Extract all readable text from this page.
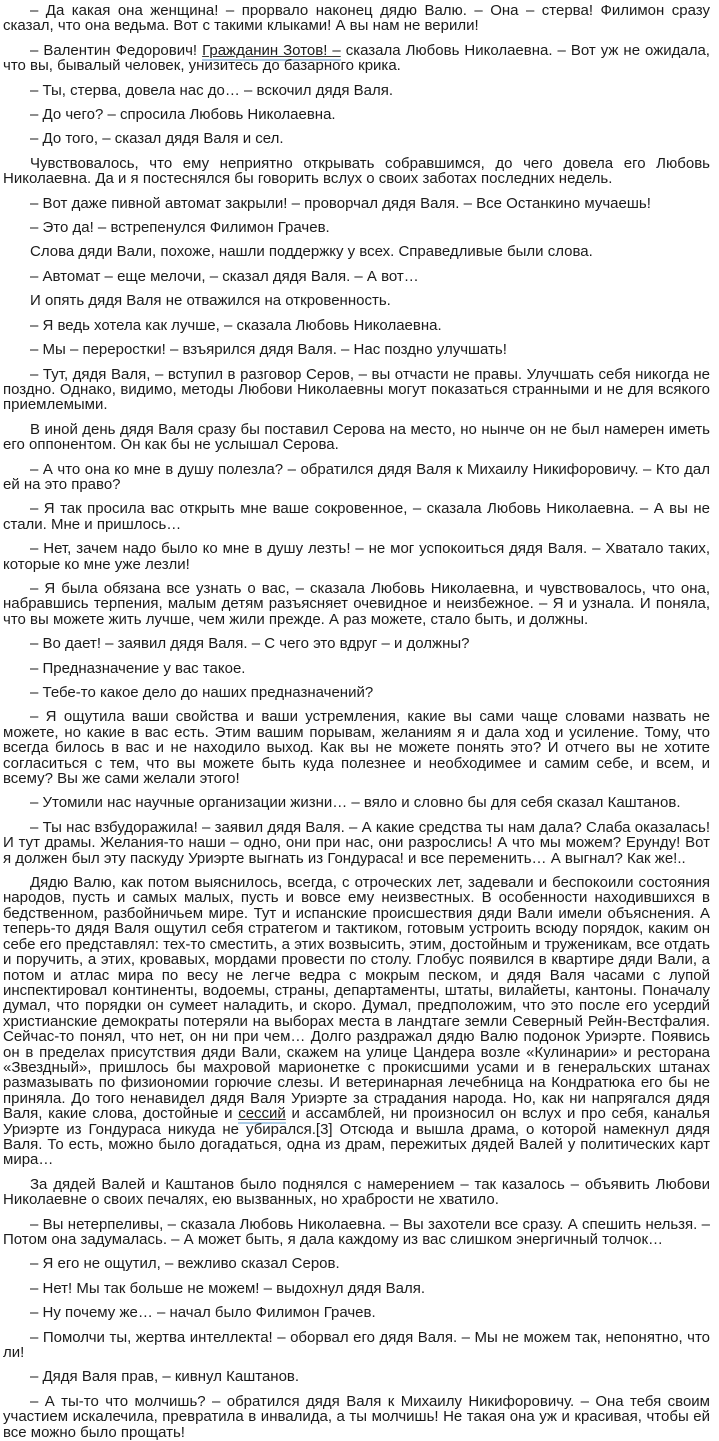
– Да какая она женщина! – прорвало наконец дядю Валю. – Она – стерва! Филимон сразу сказал, что она ведьма. Вот с такими клыками! А вы нам не верили!

– Валентин Федорович! Гражданин Зотов! – сказала Любовь Николаевна. – Вот уж не ожидала, что вы, бывалый человек, унизитесь до базарного крика.

– Ты, стерва, довела нас до… – вскочил дядя Валя.

– До чего? – спросила Любовь Николаевна.

– До того, – сказал дядя Валя и сел.

Чувствовалось, что ему неприятно открывать собравшимся, до чего довела его Любовь Николаевна. Да и я постеснялся бы говорить вслух о своих заботах последних недель.

– Вот даже пивной автомат закрыли! – проворчал дядя Валя. – Все Останкино мучаешь!

– Это да! – встрепенулся Филимон Грачев.

Слова дяди Вали, похоже, нашли поддержку у всех. Справедливые были слова.

– Автомат – еще мелочи, – сказал дядя Валя. – А вот…

И опять дядя Валя не отважился на откровенность.

– Я ведь хотела как лучше, – сказала Любовь Николаевна.

– Мы – переростки! – взъярился дядя Валя. – Нас поздно улучшать!

– Тут, дядя Валя, – вступил в разговор Серов, – вы отчасти не правы. Улучшать себя никогда не поздно. Однако, видимо, методы Любови Николаевны могут показаться странными и не для всякого приемлемыми.

В иной день дядя Валя сразу бы поставил Серова на место, но нынче он не был намерен иметь его оппонентом. Он как бы не услышал Серова.

– А что она ко мне в душу полезла? – обратился дядя Валя к Михаилу Никифоровичу. – Кто дал ей на это право?

– Я так просила вас открыть мне ваше сокровенное, – сказала Любовь Николаевна. – А вы не стали. Мне и пришлось…

– Нет, зачем надо было ко мне в душу лезть! – не мог успокоиться дядя Валя. – Хватало таких, которые ко мне уже лезли!

– Я была обязана все узнать о вас, – сказала Любовь Николаевна, и чувствовалось, что она, набравшись терпения, малым детям разъясняет очевидное и неизбежное. – Я и узнала. И поняла, что вы можете жить лучше, чем жили прежде. А раз можете, стало быть, и должны.

– Во дает! – заявил дядя Валя. – С чего это вдруг – и должны?

– Предназначение у вас такое.

– Тебе-то какое дело до наших предназначений?

– Я ощутила ваши свойства и ваши устремления, какие вы сами чаще словами назвать не можете, но какие в вас есть. Этим вашим порывам, желаниям я и дала ход и усиление. Тому, что всегда билось в вас и не находило выход. Как вы не можете понять это? И отчего вы не хотите согласиться с тем, что вы можете быть куда полезнее и необходимее и самим себе, и всем, и всему? Вы же сами желали этого!

– Утомили нас научные организации жизни… – вяло и словно бы для себя сказал Каштанов.

– Ты нас взбудоражила! – заявил дядя Валя. – А какие средства ты нам дала? Слаба оказалась! И тут драмы. Желания-то наши – одно, они при нас, они разрослись! А что мы можем? Ерунду! Вот я должен был эту паскуду Уриэрте выгнать из Гондураса! и все переменить… А выгнал? Как же!..

Дядю Валю, как потом выяснилось, всегда, с отроческих лет, задевали и беспокоили состояния народов, пусть и самых малых, пусть и вовсе ему неизвестных. В особенности находившихся в бедственном, разбойничьем мире. Тут и испанские происшествия дяди Вали имели объяснения. А теперь-то дядя Валя ощутил себя стратегом и тактиком, готовым устроить всюду порядок, каким он себе его представлял: тех-то сместить, а этих возвысить, этим, достойным и труженикам, все отдать и поручить, а этих, кровавых, мордами провести по столу. Глобус появился в квартире дяди Вали, а потом и атлас мира по весу не легче ведра с мокрым песком, и дядя Валя часами с лупой инспектировал континенты, водоемы, страны, департаменты, штаты, вилайеты, кантоны. Поначалу думал, что порядки он сумеет наладить, и скоро. Думал, предположим, что это после его усердий христианские демократы потеряли на выборах места в ландтаге земли Северный Рейн-Вестфалия. Сейчас-то понял, что нет, он ни при чем… Долго раздражал дядю Валю подонок Уриэрте. Появись он в пределах присутствия дяди Вали, скажем на улице Цандера возле «Кулинарии» и ресторана «Звездный», пришлось бы махровой марионетке с прокисшими усами и в генеральских штанах размазывать по физиономии горючие слезы. И ветеринарная лечебница на Кондратюка его бы не приняла. До того ненавидел дядя Валя Уриэрте за страдания народа. Но, как ни напрягался дядя Валя, какие слова, достойные и сессий и ассамблей, ни произносил он вслух и про себя, каналья Уриэрте из Гондураса никуда не убирался.[3] Отсюда и вышла драма, о которой намекнул дядя Валя. То есть, можно было догадаться, одна из драм, пережитых дядей Валей у политических карт мира…

За дядей Валей и Каштанов было поднялся с намерением – так казалось – объявить Любови Николаевне о своих печалях, ею вызванных, но храбрости не хватило.

– Вы нетерпеливы, – сказала Любовь Николаевна. – Вы захотели все сразу. А спешить нельзя. – Потом она задумалась. – А может быть, я дала каждому из вас слишком энергичный толчок…

– Я его не ощутил, – вежливо сказал Серов.

– Нет! Мы так больше не можем! – выдохнул дядя Валя.

– Ну почему же… – начал было Филимон Грачев.

– Помолчи ты, жертва интеллекта! – оборвал его дядя Валя. – Мы не можем так, непонятно, что ли!

– Дядя Валя прав, – кивнул Каштанов.

– А ты-то что молчишь? – обратился дядя Валя к Михаилу Никифоровичу. – Она тебя своим участием искалечила, превратила в инвалида, а ты молчишь! Не такая она уж и красивая, чтобы ей все можно было прощать!
